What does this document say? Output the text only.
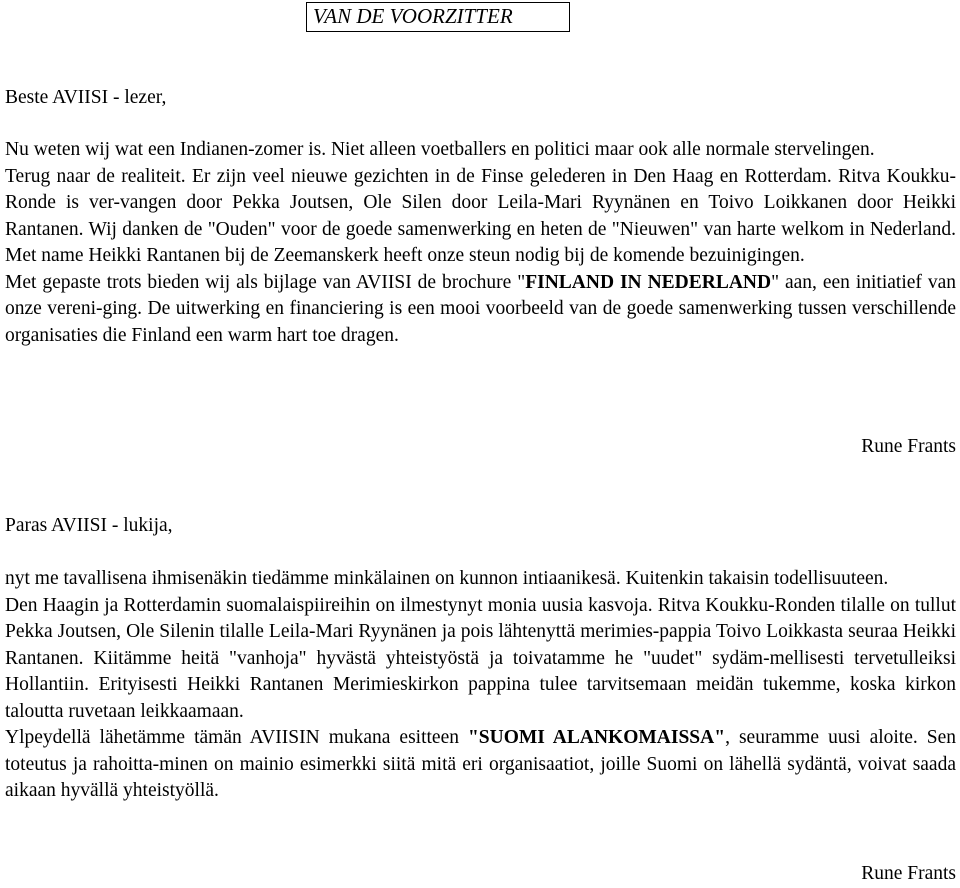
VAN DE VOORZITTER
Beste AVIISI - lezer,

Nu weten wij wat een Indianen-zomer is. Niet alleen voetballers en politici maar ook alle normale stervelingen.

Terug naar de realiteit. Er zijn veel nieuwe gezichten in de Finse gelederen in Den Haag en Rotterdam. Ritva Koukku-Ronde is ver-vangen door Pekka Joutsen, Ole Silen door Leila-Mari Ryynänen en Toivo Loikkanen door Heikki Rantanen. Wij danken de "Ouden" voor de goede samenwerking en heten de "Nieuwen" van harte welkom in Nederland. Met name Heikki Rantanen bij de Zeemanskerk heeft onze steun nodig bij de komende bezuinigingen.

Met gepaste trots bieden wij als bijlage van AVIISI de brochure "FINLAND IN NEDERLAND" aan, een initiatief van onze vereni-ging. De uitwerking en financiering is een mooi voorbeeld van de goede samenwerking tussen verschillende organisaties die Finland een warm hart toe dragen.

Rune Frants
Paras AVIISI - lukija,

nyt me tavallisena ihmisenäkin tiedämme minkälainen on kunnon intiaanikesä. Kuitenkin takaisin todellisuuteen.

Den Haagin ja Rotterdamin suomalaispiireihin on ilmestynyt monia uusia kasvoja. Ritva Koukku-Ronden tilalle on tullut Pekka Joutsen, Ole Silenin tilalle Leila-Mari Ryynänen ja pois lähtenyttä merimies-pappia Toivo Loikkasta seuraa Heikki Rantanen. Kiitämme heitä "vanhoja" hyvästä yhteistyöstä ja toivatamme he "uudet" sydäm-mellisesti tervetulleiksi Hollantiin. Erityisesti Heikki Rantanen Merimieskirkon pappina tulee tarvitsemaan meidän tukemme, koska kirkon taloutta ruvetaan leikkaamaan.

Ylpeydellä lähetämme tämän AVIISIN mukana esitteen "SUOMI ALANKOMAISSA", seuramme uusi aloite. Sen toteutus ja rahoitta-minen on mainio esimerkki siitä mitä eri organisaatiot, joille Suomi on lähellä sydäntä, voivat saada aikaan hyvällä yhteistyöllä.

Rune Frants
